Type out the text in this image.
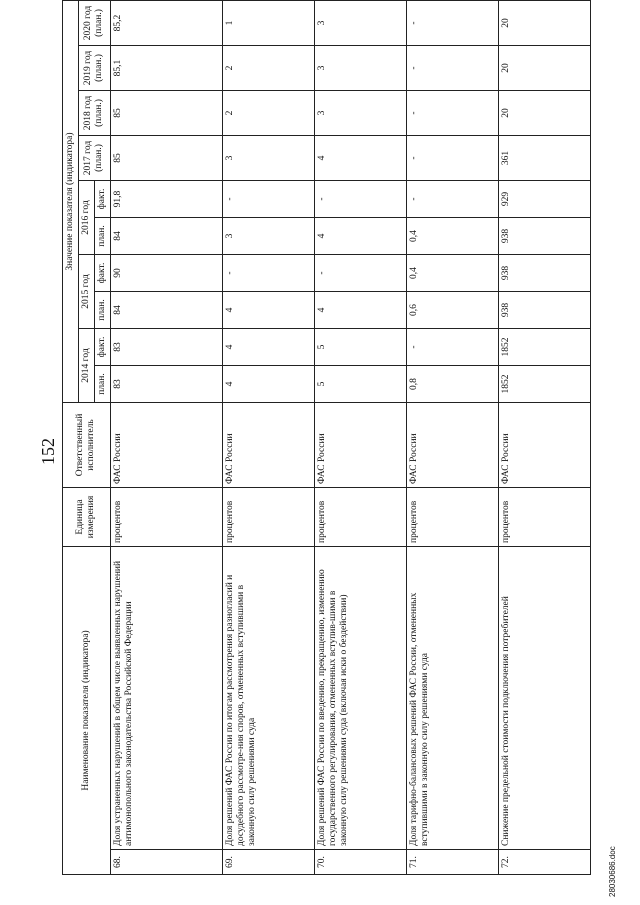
152
Наименование показателя (индикатора)		Единица измерения	Ответственный исполнитель	Значение показателя (индикатора)									
				2014 год		2015 год		2016 год		2017 год (план.)	2018 год (план.)	2019 год (план.)	2020 год (план.)
				план.	факт.	план.	факт.	план.	факт.				
68.	Доля устраненных нарушений в общем числе выявленных нарушений антимонопольного законодательства Российской Федерации	процентов	ФАС России	83	83	84	90	84	91,8	85	85	85,1	85,2
69.	Доля решений ФАС России по итогам рассмотрения разногласий и досудебного рассмотре-ния споров, отмененных вступившими в законную силу решениями суда	процентов	ФАС России	4	4	4	-	3	-	3	2	2	1
70.	Доля решений ФАС России по введению, прекращению, изменению государственного регулирования, отмененных вступив-шими в законную силу решениями суда (включая иски о бездействии)	процентов	ФАС России	5	5	4	-	4	-	4	3	3	3
71.	Доля тарифно-балансовых решений ФАС России, отмененных вступившими в законную силу решениями суда	процентов	ФАС России	0,8	-	0,6	0,4	0,4	-	-	-	-	-
72.	Снижение предельной стоимости подключения потребителей	процентов	ФАС России	1852	1852	938	938	938	929	361	20	20	20
28030686.doc
